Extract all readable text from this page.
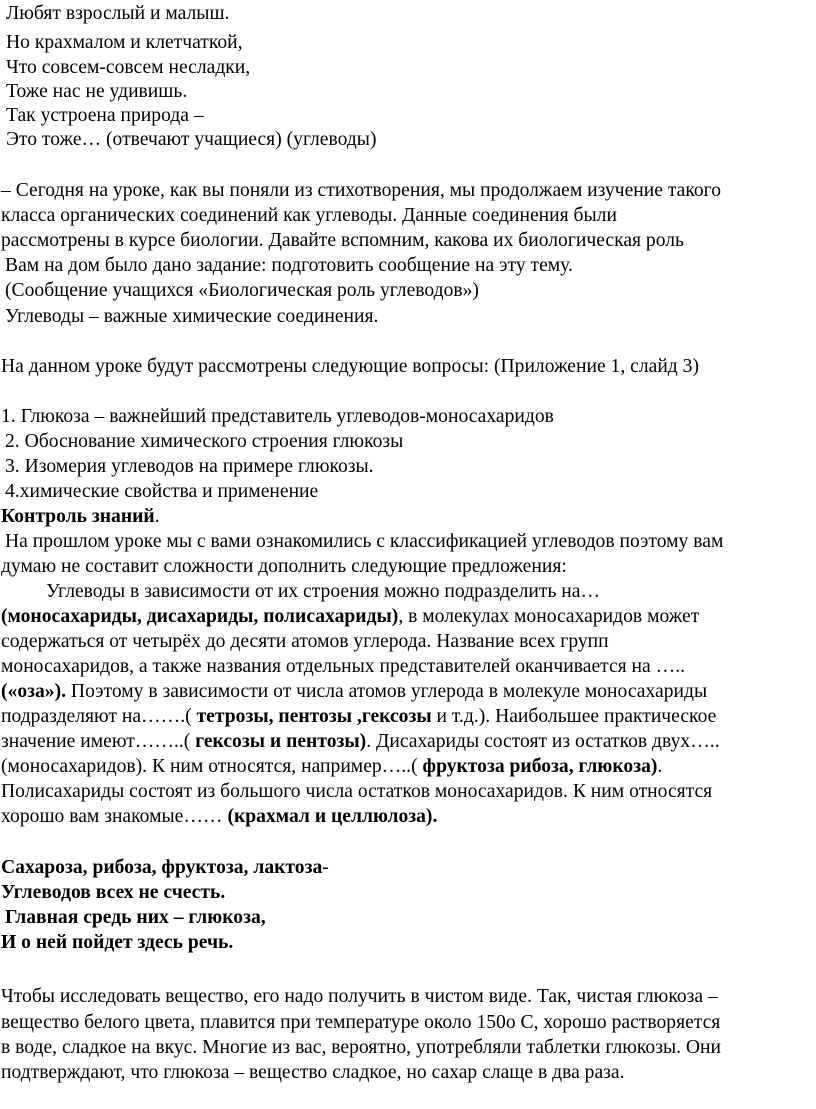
Любят взрослый и малыш.
Но крахмалом и клетчаткой,
Что совсем-совсем несладки,
Тоже нас не удивишь.
Так устроена природа –
Это тоже… (отвечают учащиеся) (углеводы)
– Сегодня на уроке, как вы поняли из стихотворения, мы продолжаем изучение такого
класса органических соединений как углеводы. Данные соединения были
рассмотрены в курсе биологии. Давайте вспомним, какова их биологическая роль
Вам на дом было дано задание: подготовить сообщение на эту тему.
(Сообщение учащихся «Биологическая роль углеводов»)
Углеводы – важные химические соединения.
На данном уроке будут рассмотрены следующие вопросы: (Приложение 1, слайд 3)
1. Глюкоза – важнейший представитель углеводов-моносахаридов
2. Обоснование химического строения глюкозы
3. Изомерия углеводов на примере глюкозы.
4.химические свойства и применение
Контроль знаний.
На прошлом уроке мы с вами ознакомились с классификацией углеводов поэтому вам
думаю не составит сложности дополнить следующие предложения:
Углеводы в зависимости от их строения можно подразделить на…
(моносахариды, дисахариды, полисахариды), в молекулах моносахаридов может
содержаться от четырёх до десяти атомов углерода. Название всех групп
моносахаридов, а также названия отдельных представителей оканчивается на …..
(«оза»). Поэтому в зависимости от числа атомов углерода в молекуле моносахариды
подразделяют на…….( тетрозы, пентозы ,гексозы и т.д.). Наибольшее практическое
значение имеют……..( гексозы и пентозы). Дисахариды состоят из остатков двух…..
(моносахаридов). К ним относятся, например…..( фруктоза рибоза, глюкоза).
Полисахариды состоят из большого числа остатков моносахаридов. К ним относятся
хорошо вам знакомые…… (крахмал и целлюлоза).
Сахароза, рибоза, фруктоза, лактоза-
Углеводов всех не счесть.
Главная средь них – глюкоза,
И о ней пойдет здесь речь.
Чтобы исследовать вещество, его надо получить в чистом виде. Так, чистая глюкоза –
вещество белого цвета, плавится при температуре около 150о С, хорошо растворяется
в воде, сладкое на вкус. Многие из вас, вероятно, употребляли таблетки глюкозы. Они
подтверждают, что глюкоза – вещество сладкое, но сахар слаще в два раза.
